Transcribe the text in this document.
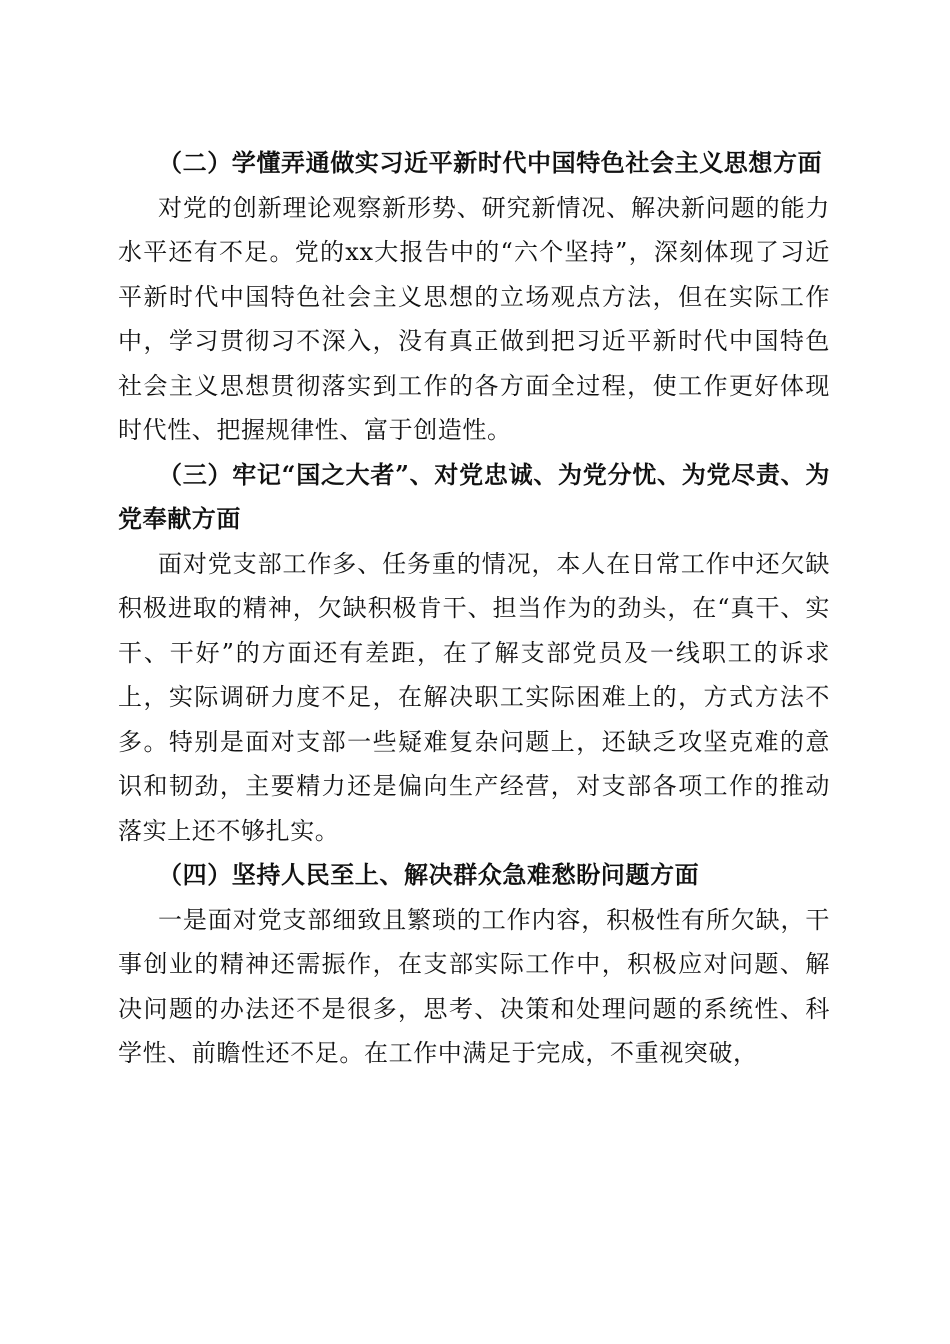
（二）学懂弄通做实习近平新时代中国特色社会主义思想方面

对党的创新理论观察新形势、研究新情况、解决新问题的能力水平还有不足。党的xx大报告中的“六个坚持”，深刻体现了习近平新时代中国特色社会主义思想的立场观点方法，但在实际工作中，学习贯彻习不深入，没有真正做到把习近平新时代中国特色社会主义思想贯彻落实到工作的各方面全过程，使工作更好体现时代性、把握规律性、富于创造性。

（三）牢记“国之大者”、对党忠诚、为党分忧、为党尽责、为党奉献方面

面对党支部工作多、任务重的情况，本人在日常工作中还欠缺积极进取的精神，欠缺积极肯干、担当作为的劲头，在“真干、实干、干好”的方面还有差距，在了解支部党员及一线职工的诉求上，实际调研力度不足，在解决职工实际困难上的，方式方法不多。特别是面对支部一些疑难复杂问题上，还缺乏攻坚克难的意识和韧劲，主要精力还是偏向生产经营，对支部各项工作的推动落实上还不够扎实。

（四）坚持人民至上、解决群众急难愁盼问题方面

一是面对党支部细致且繁琐的工作内容，积极性有所欠缺，干事创业的精神还需振作，在支部实际工作中，积极应对问题、解决问题的办法还不是很多，思考、决策和处理问题的系统性、科学性、前瞻性还不足。在工作中满足于完成，不重视突破，
